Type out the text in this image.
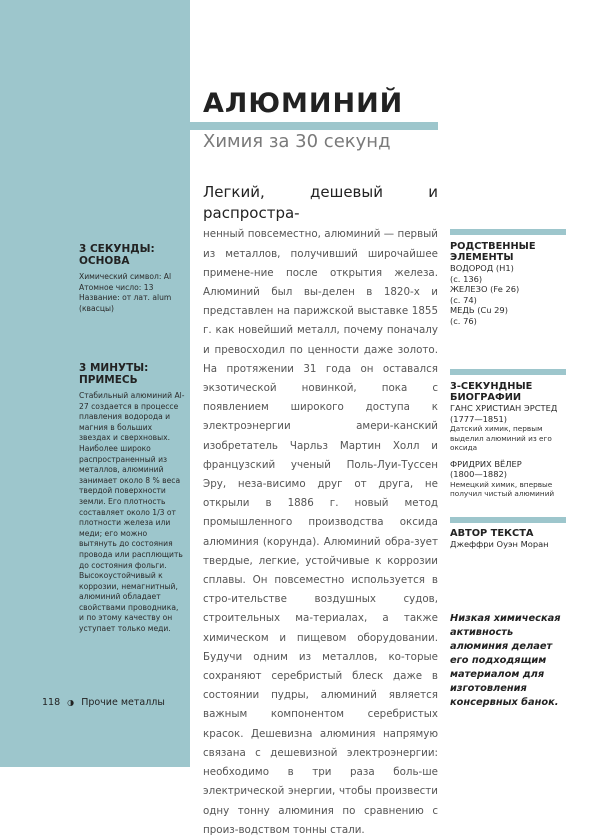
АЛЮМИНИЙ
Химия за 30 секунд

Легкий, дешевый и распростра-
ненный повсеместно, алюминий — первый из металлов, получивший широчайшее примене-ние после открытия железа. Алюминий был вы-делен в 1820-х и представлен на парижской выставке 1855 г. как новейший металл, почему поначалу и превосходил по ценности даже золото. На протяжении 31 года он оставался экзотической новинкой, пока с появлением широкого доступа к электроэнергии амери-канский изобретатель Чарльз Мартин Холл и французский ученый Поль-Луи-Туссен Эру, неза-висимо друг от друга, не открыли в 1886 г. новый метод промышленного производства оксида алюминия (корунда). Алюминий обра-зует твердые, легкие, устойчивые к коррозии сплавы. Он повсеместно используется в стро-ительстве воздушных судов, строительных ма-териалах, а также химическом и пищевом оборудовании. Будучи одним из металлов, ко-торые сохраняют серебристый блеск даже в состоянии пудры, алюминий является важным компонентом серебристых красок. Дешевизна алюминия напрямую связана с дешевизной электроэнергии: необходимо в три раза боль-ше электрической энергии, чтобы произвести одну тонну алюминия по сравнению с произ-водством тонны стали.

3 СЕКУНДЫ: ОСНОВА

Химический символ: Al

Атомное число: 13

Название: от лат. alum (квасцы)

3 МИНУТЫ: ПРИМЕСЬ

Стабильный алюминий Al-27 создается в процессе плавления водорода и магния в больших звездах и сверхновых. Наиболее широко распространенный из металлов, алюминий занимает около 8 % веса твердой поверхности земли. Его плотность составляет около 1/3 от плотности железа или меди; его можно вытянуть до состояния провода или расплющить до состояния фольги. Высокоустойчивый к коррозии, немагнитный, алюминий обладает свойствами проводника, и по этому качеству он уступает только меди.

РОДСТВЕННЫЕ ЭЛЕМЕНТЫ
ВОДОРОД (H1)
(с. 136)
ЖЕЛЕЗО (Fe 26)
(с. 74)
МЕДЬ (Cu 29)
(с. 76)
3-СЕКУНДНЫЕ БИОГРАФИИ
ГАНС ХРИСТИАН ЭРСТЕД
(1777—1851)
Датский химик, первым выделил алюминий из его оксида
ФРИДРИХ ВЁЛЕР
(1800—1882)
Немецкий химик, впервые получил чистый алюминий
АВТОР ТЕКСТА
Джеффри Оуэн Моран

Низкая химическая активность алюминия делает его подходящим материалом для изготовления консервных банок.

118 ◑ Прочие металлы
